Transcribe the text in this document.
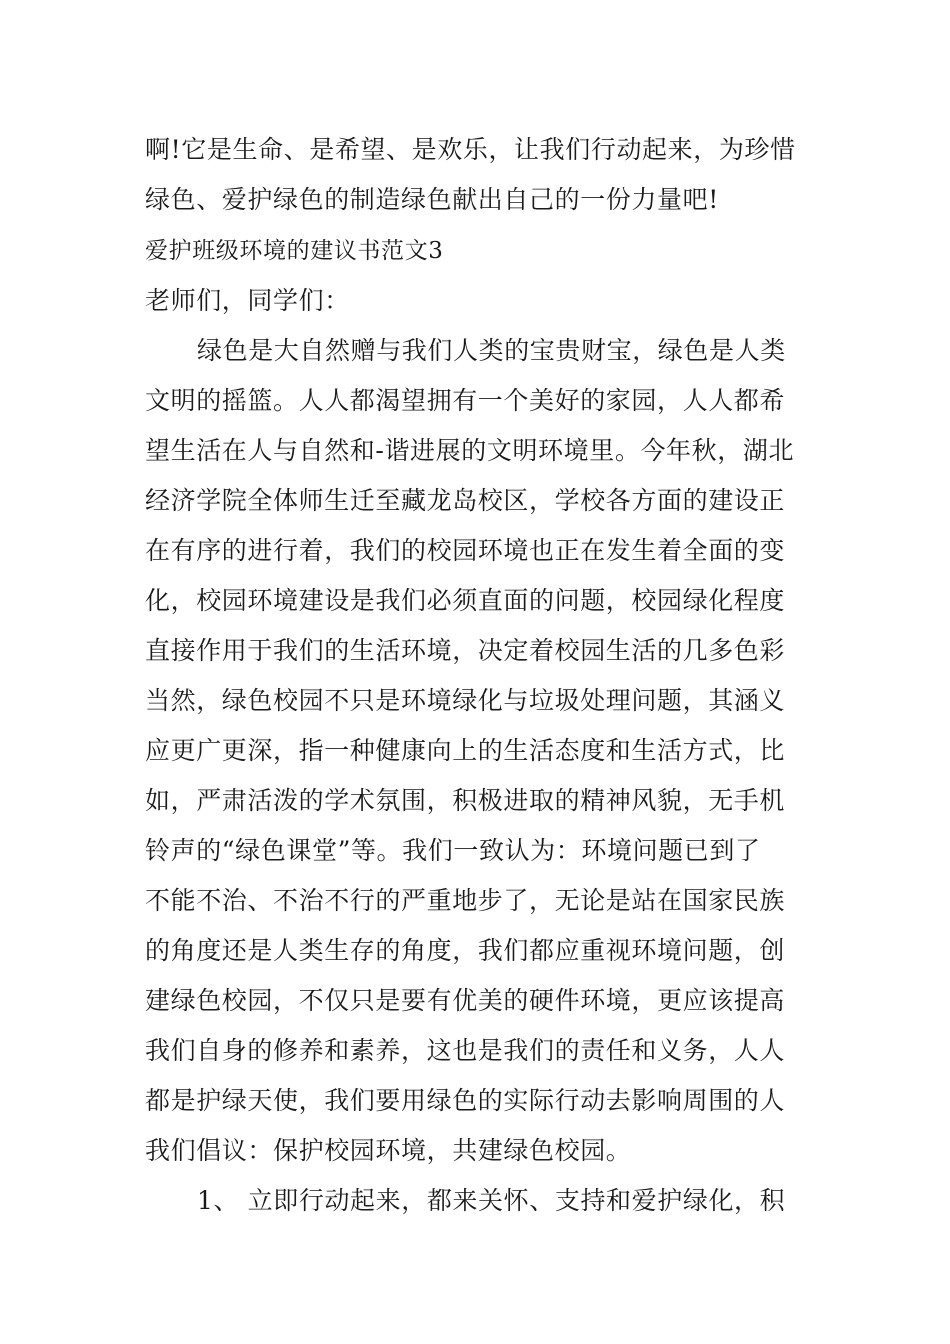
啊!它是生命、是希望、是欢乐，让我们行动起来，为珍惜
绿色、爱护绿色的制造绿色献出自己的一份力量吧!
爱护班级环境的建议书范文3
老师们，同学们：
绿色是大自然赠与我们人类的宝贵财宝，绿色是人类
文明的摇篮。人人都渴望拥有一个美好的家园，人人都希
望生活在人与自然和-谐进展的文明环境里。今年秋，湖北
经济学院全体师生迁至藏龙岛校区，学校各方面的建设正
在有序的进行着，我们的校园环境也正在发生着全面的变
化，校园环境建设是我们必须直面的问题，校园绿化程度
直接作用于我们的生活环境，决定着校园生活的几多色彩
当然，绿色校园不只是环境绿化与垃圾处理问题，其涵义
应更广更深，指一种健康向上的生活态度和生活方式，比
如，严肃活泼的学术氛围，积极进取的精神风貌，无手机
铃声的“绿色课堂”等。我们一致认为：环境问题已到了
不能不治、不治不行的严重地步了，无论是站在国家民族
的角度还是人类生存的角度，我们都应重视环境问题，创
建绿色校园，不仅只是要有优美的硬件环境，更应该提高
我们自身的修养和素养，这也是我们的责任和义务，人人
都是护绿天使，我们要用绿色的实际行动去影响周围的人
我们倡议：保护校园环境，共建绿色校园。
1、 立即行动起来，都来关怀、支持和爱护绿化，积
